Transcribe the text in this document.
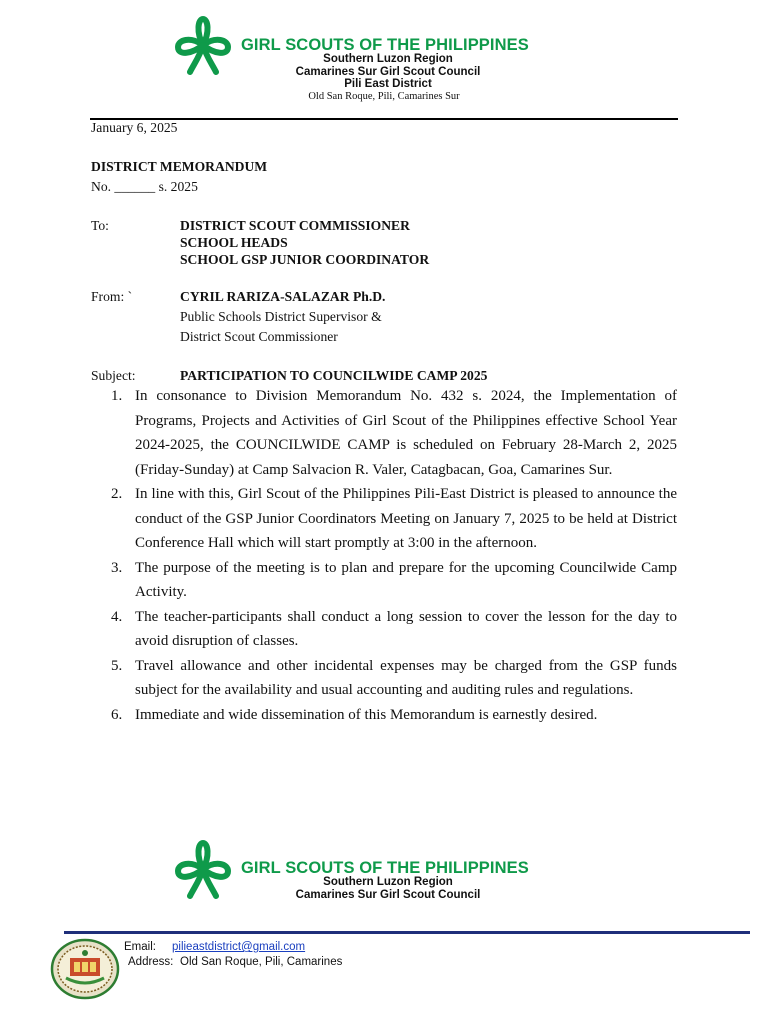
GIRL SCOUTS OF THE PHILIPPINES
Southern Luzon Region
Camarines Sur Girl Scout Council
Pili East District
Old San Roque, Pili, Camarines Sur
January 6, 2025
DISTRICT MEMORANDUM
No. ______ s. 2025
To:	DISTRICT SCOUT COMMISSIONER
SCHOOL HEADS
SCHOOL GSP JUNIOR COORDINATOR
From: `	CYRIL RARIZA-SALAZAR Ph.D.
Public Schools District Supervisor &
District Scout Commissioner
Subject:	PARTICIPATION TO COUNCILWIDE CAMP 2025
1. In consonance to Division Memorandum No. 432 s. 2024, the Implementation of Programs, Projects and Activities of Girl Scout of the Philippines effective School Year 2024-2025, the COUNCILWIDE CAMP is scheduled on February 28-March 2, 2025 (Friday-Sunday) at Camp Salvacion R. Valer, Catagbacan, Goa, Camarines Sur.
2. In line with this, Girl Scout of the Philippines Pili-East District is pleased to announce the conduct of the GSP Junior Coordinators Meeting on January 7, 2025 to be held at District Conference Hall which will start promptly at 3:00 in the afternoon.
3. The purpose of the meeting is to plan and prepare for the upcoming Councilwide Camp Activity.
4. The teacher-participants shall conduct a long session to cover the lesson for the day to avoid disruption of classes.
5. Travel allowance and other incidental expenses may be charged from the GSP funds subject for the availability and usual accounting and auditing rules and regulations.
6. Immediate and wide dissemination of this Memorandum is earnestly desired.
GIRL SCOUTS OF THE PHILIPPINES
Southern Luzon Region
Camarines Sur Girl Scout Council
Email: pilieastdistrict@gmail.com
Address: Old San Roque, Pili, Camarines
